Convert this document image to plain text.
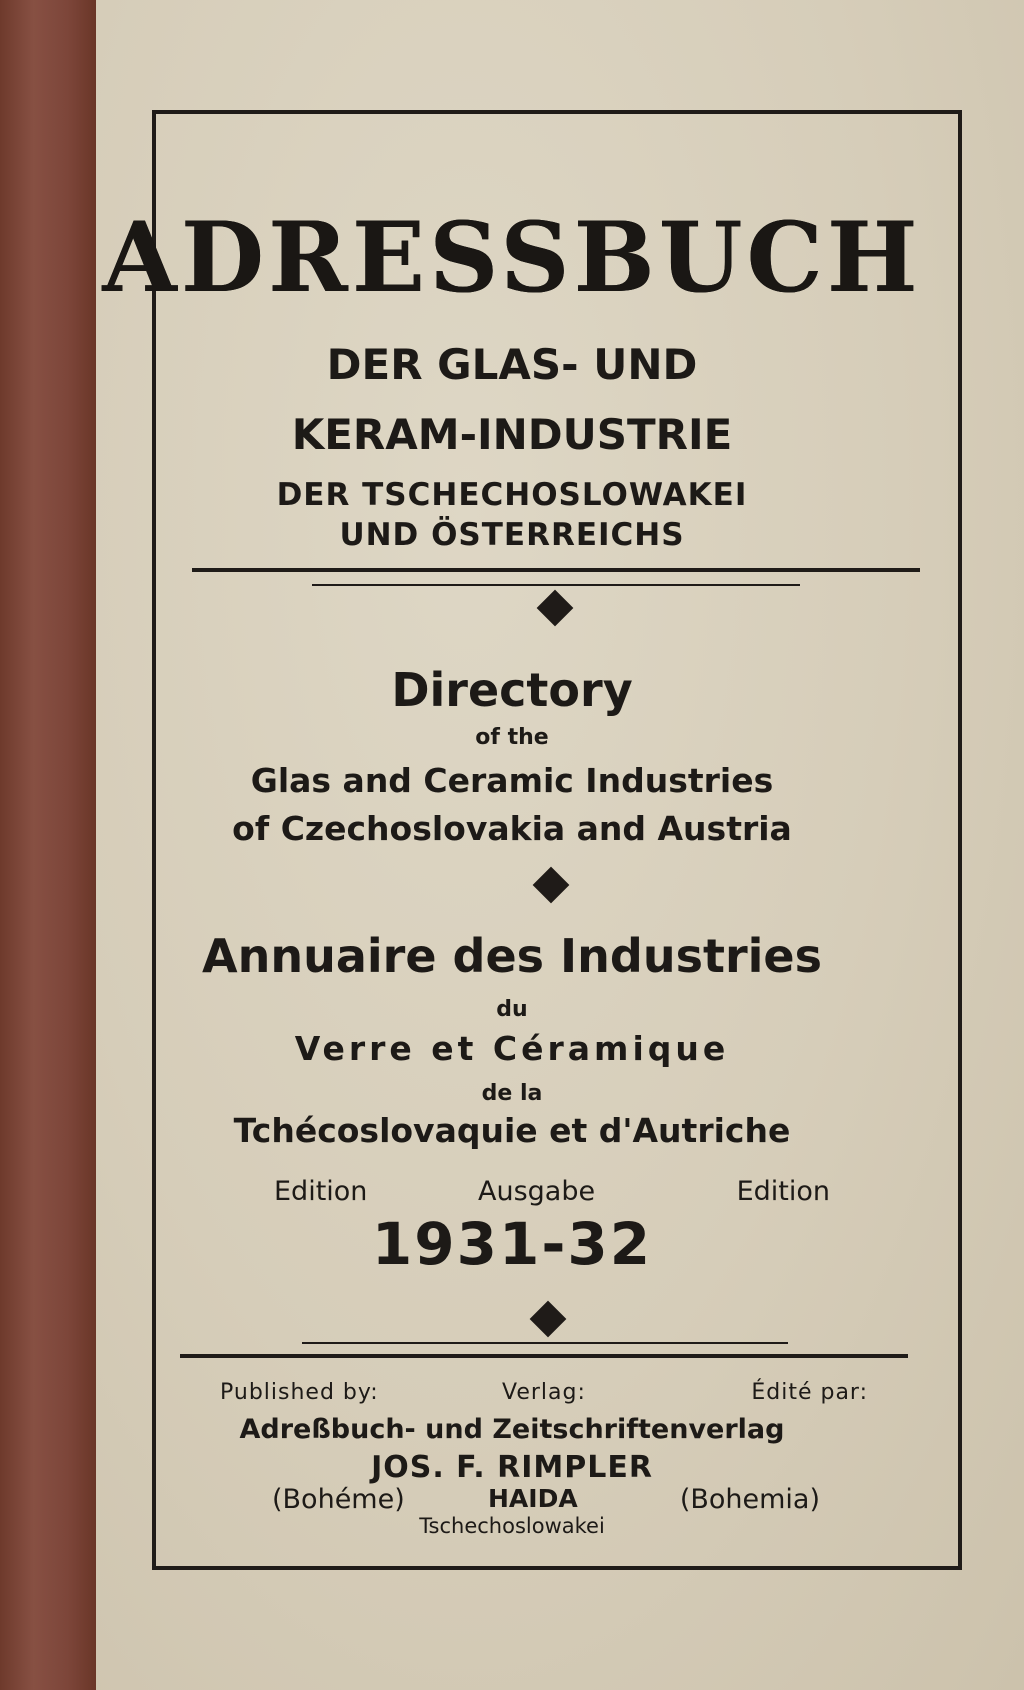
ADRESSBUCH
DER GLAS- UND
KERAM-INDUSTRIE
DER TSCHECHOSLOWAKEI
UND ÖSTERREICHS
Directory
of the
Glas and Ceramic Industries
of Czechoslovakia and Austria
Annuaire des Industries
du
Verre et Céramique
de la
Tchécoslovaquie et d'Autriche
Edition	Ausgabe	Edition
1931-32
Published by:	Verlag:	Édité par:
Adreßbuch- und Zeitschriftenverlag
JOS. F. RIMPLER
(Bohéme)	HAIDA	(Bohemia)
Tschechoslowakei
